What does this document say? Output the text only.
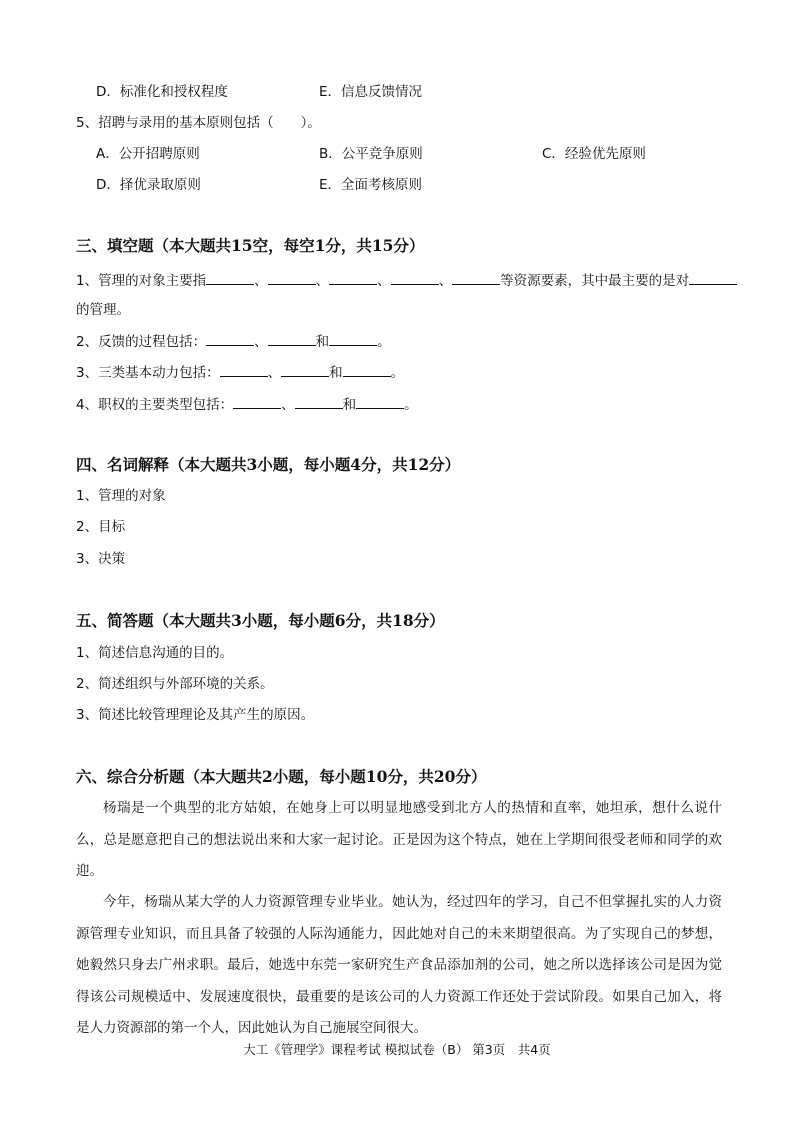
D．标准化和授权程度	E．信息反馈情况
5、招聘与录用的基本原则包括（　　）。
A．公开招聘原则	B．公平竞争原则	C．经验优先原则
D．择优录取原则	E．全面考核原则
三、填空题（本大题共15空，每空1分，共15分）
1、管理的对象主要指	、	、	、	、	等资源要素，其中最主要的是对
的管理。
2、反馈的过程包括：	、	和	。
3、三类基本动力包括：	、	和	。
4、职权的主要类型包括：	、	和	。
四、名词解释（本大题共3小题，每小题4分，共12分）
1、管理的对象
2、目标
3、决策
五、简答题（本大题共3小题，每小题6分，共18分）
1、简述信息沟通的目的。
2、简述组织与外部环境的关系。
3、简述比较管理理论及其产生的原因。
六、综合分析题（本大题共2小题，每小题10分，共20分）
杨瑞是一个典型的北方姑娘，在她身上可以明显地感受到北方人的热情和直率，她坦承，想什么说什么，总是愿意把自己的想法说出来和大家一起讨论。正是因为这个特点，她在上学期间很受老师和同学的欢迎。
今年，杨瑞从某大学的人力资源管理专业毕业。她认为，经过四年的学习，自己不但掌握扎实的人力资源管理专业知识，而且具备了较强的人际沟通能力，因此她对自己的未来期望很高。为了实现自己的梦想，她毅然只身去广州求职。最后，她选中东莞一家研究生产食品添加剂的公司，她之所以选择该公司是因为觉得该公司规模适中、发展速度很快，最重要的是该公司的人力资源工作还处于尝试阶段。如果自己加入，将是人力资源部的第一个人，因此她认为自己施展空间很大。
大工《管理学》课程考试 模拟试卷（B） 第3页　共4页
